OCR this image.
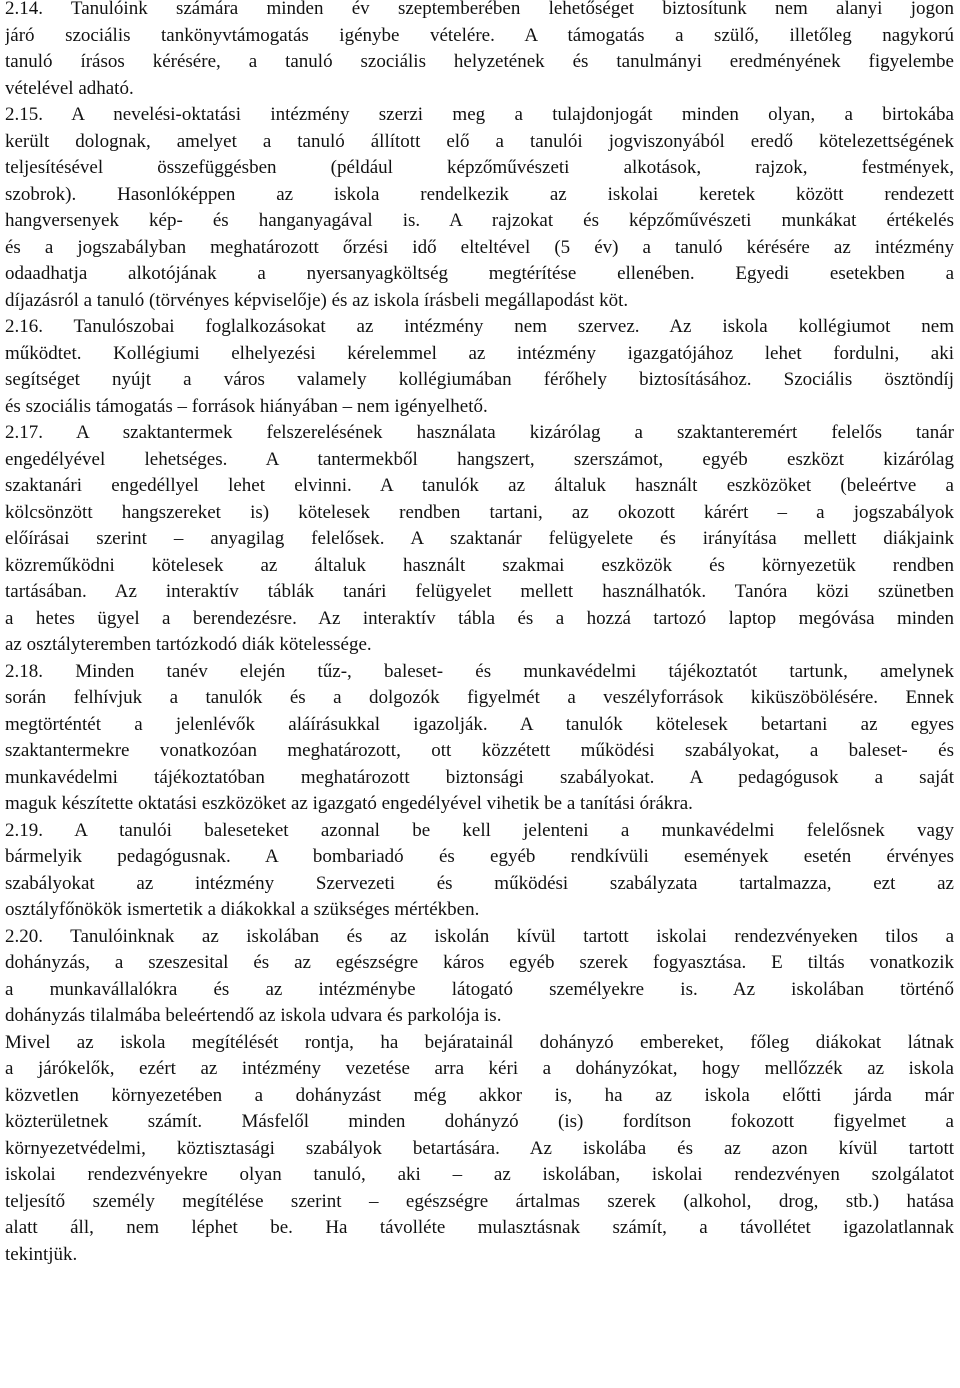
2.14. Tanulóink számára minden év szeptemberében lehetőséget biztosítunk nem alanyi jogon
járó szociális tankönyvtámogatás igénybe vételére. A támogatás a szülő, illetőleg nagykorú
tanuló írásos kérésére, a tanuló szociális helyzetének és tanulmányi eredményének figyelembe
vételével adható.
2.15. A nevelési-oktatási intézmény szerzi meg a tulajdonjogát minden olyan, a birtokába
került dolognak, amelyet a tanuló állított elő a tanulói jogviszonyából eredő kötelezettségének
teljesítésével összefüggésben (például képzőművészeti alkotások, rajzok, festmények,
szobrok). Hasonlóképpen az iskola rendelkezik az iskolai keretek között rendezett
hangversenyek kép- és hanganyagával is. A rajzokat és képzőművészeti munkákat értékelés
és a jogszabályban meghatározott őrzési idő elteltével (5 év) a tanuló kérésére az intézmény
odaadhatja alkotójának a nyersanyagköltség megtérítése ellenében. Egyedi esetekben a
díjazásról a tanuló (törvényes képviselője) és az iskola írásbeli megállapodást köt.
2.16. Tanulószobai foglalkozásokat az intézmény nem szervez. Az iskola kollégiumot nem
működtet. Kollégiumi elhelyezési kérelemmel az intézmény igazgatójához lehet fordulni, aki
segítséget nyújt a város valamely kollégiumában férőhely biztosításához. Szociális ösztöndíj
és szociális támogatás – források hiányában – nem igényelhető.
2.17. A szaktantermek felszerelésének használata kizárólag a szaktanteremért felelős tanár
engedélyével lehetséges. A tantermekből hangszert, szerszámot, egyéb eszközt kizárólag
szaktanári engedéllyel lehet elvinni. A tanulók az általuk használt eszközöket (beleértve a
kölcsönzött hangszereket is) kötelesek rendben tartani, az okozott kárért – a jogszabályok
előírásai szerint – anyagilag felelősek. A szaktanár felügyelete és irányítása mellett diákjaink
közreműködni kötelesek az általuk használt szakmai eszközök és környezetük rendben
tartásában. Az interaktív táblák tanári felügyelet mellett használhatók. Tanóra közi szünetben
a hetes ügyel a berendezésre. Az interaktív tábla és a hozzá tartozó laptop megóvása minden
az osztályteremben tartózkodó diák kötelessége.
2.18. Minden tanév elején tűz-, baleset- és munkavédelmi tájékoztatót tartunk, amelynek
során felhívjuk a tanulók és a dolgozók figyelmét a veszélyforrások kiküszöbölésére. Ennek
megtörténtét a jelenlévők aláírásukkal igazolják. A tanulók kötelesek betartani az egyes
szaktantermekre vonatkozóan meghatározott, ott közzétett működési szabályokat, a baleset- és
munkavédelmi tájékoztatóban meghatározott biztonsági szabályokat. A pedagógusok a saját
maguk készítette oktatási eszközöket az igazgató engedélyével vihetik be a tanítási órákra.
2.19. A tanulói baleseteket azonnal be kell jelenteni a munkavédelmi felelősnek vagy
bármelyik pedagógusnak. A bombariadó és egyéb rendkívüli események esetén érvényes
szabályokat az intézmény Szervezeti és működési szabályzata tartalmazza, ezt az
osztályfőnökök ismertetik a diákokkal a szükséges mértékben.
2.20. Tanulóinknak az iskolában és az iskolán kívül tartott iskolai rendezvényeken tilos a
dohányzás, a szeszesital és az egészségre káros egyéb szerek fogyasztása. E tiltás vonatkozik
a munkavállalókra és az intézménybe látogató személyekre is. Az iskolában történő
dohányzás tilalmába beleértendő az iskola udvara és parkolója is.
Mivel az iskola megítélését rontja, ha bejáratainál dohányzó embereket, főleg diákokat látnak
a járókelők, ezért az intézmény vezetése arra kéri a dohányzókat, hogy mellőzzék az iskola
közvetlen környezetében a dohányzást még akkor is, ha az iskola előtti járda már
közterületnek számít. Másfelől minden dohányzó (is) fordítson fokozott figyelmet a
környezetvédelmi, köztisztasági szabályok betartására. Az iskolába és az azon kívül tartott
iskolai rendezvényekre olyan tanuló, aki – az iskolában, iskolai rendezvényen szolgálatot
teljesítő személy megítélése szerint – egészségre ártalmas szerek (alkohol, drog, stb.) hatása
alatt áll, nem léphet be. Ha távolléte mulasztásnak számít, a távollétet igazolatlannak
tekintjük.
